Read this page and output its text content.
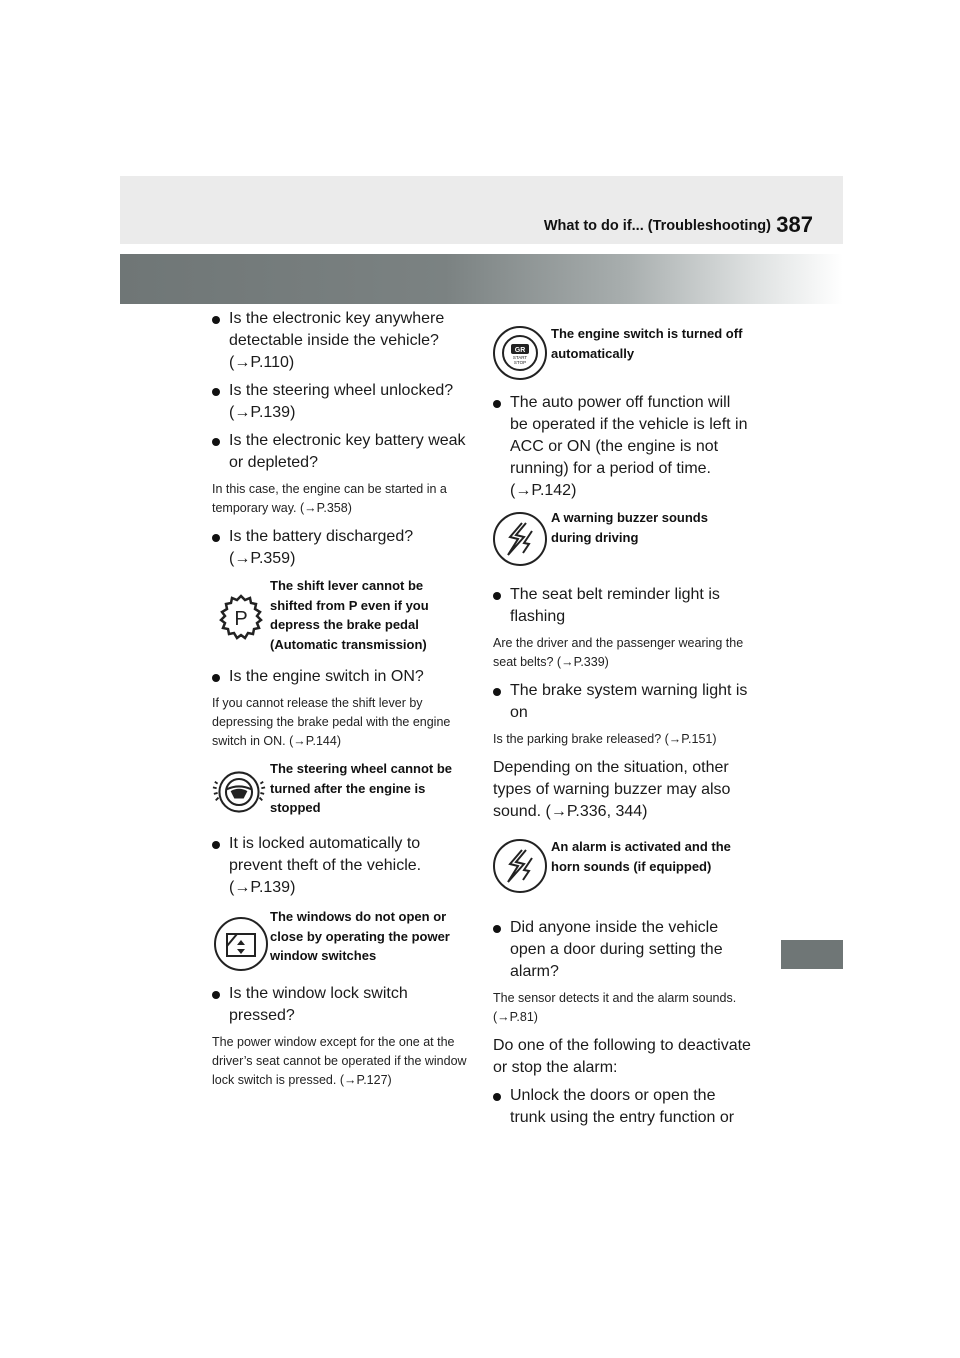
What to do if... (Troubleshooting) 387
Is the electronic key anywhere detectable inside the vehicle? (→P.110)
Is the steering wheel unlocked? (→P.139)
Is the electronic key battery weak or depleted?
In this case, the engine can be started in a temporary way. (→P.358)
Is the battery discharged? (→P.359)
P
The shift lever cannot be shifted from P even if you depress the brake pedal (Automatic transmission)
Is the engine switch in ON?
If you cannot release the shift lever by depressing the brake pedal with the engine switch in ON. (→P.144)
The steering wheel cannot be turned after the engine is stopped
It is locked automatically to prevent theft of the vehicle. (→P.139)
The windows do not open or close by operating the power window switches
Is the window lock switch pressed?
The power window except for the one at the driver’s seat cannot be operated if the window lock switch is pressed. (→P.127)
GR
START
STOP
The engine switch is turned off automatically
The auto power off function will be operated if the vehicle is left in ACC or ON (the engine is not running) for a period of time. (→P.142)
A warning buzzer sounds during driving
The seat belt reminder light is flashing
Are the driver and the passenger wearing the seat belts? (→P.339)
The brake system warning light is on
Is the parking brake released? (→P.151)
Depending on the situation, other types of warning buzzer may also sound. (→P.336, 344)
An alarm is activated and the horn sounds (if equipped)
Did anyone inside the vehicle open a door during setting the alarm?
The sensor detects it and the alarm sounds. (→P.81)
Do one of the following to deactivate or stop the alarm:
Unlock the doors or open the trunk using the entry function or
